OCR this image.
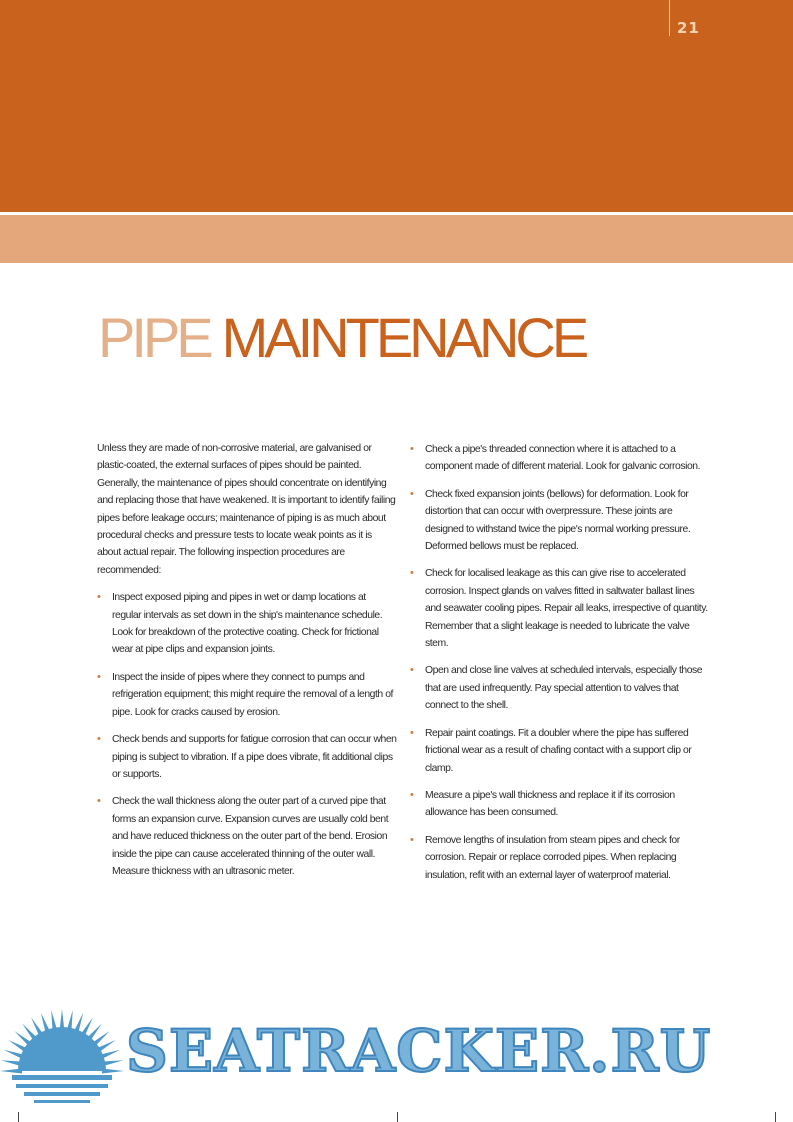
21
PIPE MAINTENANCE

Unless they are made of non-corrosive material, are galvanised or plastic-coated, the external surfaces of pipes should be painted. Generally, the maintenance of pipes should concentrate on identifying and replacing those that have weakened. It is important to identify failing pipes before leakage occurs; maintenance of piping is as much about procedural checks and pressure tests to locate weak points as it is about actual repair. The following inspection procedures are recommended:

• Inspect exposed piping and pipes in wet or damp locations at regular intervals as set down in the ship's maintenance schedule. Look for breakdown of the protective coating. Check for frictional wear at pipe clips and expansion joints.
• Inspect the inside of pipes where they connect to pumps and refrigeration equipment; this might require the removal of a length of pipe. Look for cracks caused by erosion.
• Check bends and supports for fatigue corrosion that can occur when piping is subject to vibration. If a pipe does vibrate, fit additional clips or supports.
• Check the wall thickness along the outer part of a curved pipe that forms an expansion curve. Expansion curves are usually cold bent and have reduced thickness on the outer part of the bend. Erosion inside the pipe can cause accelerated thinning of the outer wall. Measure thickness with an ultrasonic meter.
• Check a pipe's threaded connection where it is attached to a component made of different material. Look for galvanic corrosion.
• Check fixed expansion joints (bellows) for deformation. Look for distortion that can occur with overpressure. These joints are designed to withstand twice the pipe's normal working pressure. Deformed bellows must be replaced.
• Check for localised leakage as this can give rise to accelerated corrosion. Inspect glands on valves fitted in saltwater ballast lines and seawater cooling pipes. Repair all leaks, irrespective of quantity. Remember that a slight leakage is needed to lubricate the valve stem.
• Open and close line valves at scheduled intervals, especially those that are used infrequently. Pay special attention to valves that connect to the shell.
• Repair paint coatings. Fit a doubler where the pipe has suffered frictional wear as a result of chafing contact with a support clip or clamp.
• Measure a pipe's wall thickness and replace it if its corrosion allowance has been consumed.
• Remove lengths of insulation from steam pipes and check for corrosion. Repair or replace corroded pipes. When replacing insulation, refit with an external layer of waterproof material.
SEATRACKER.RU
